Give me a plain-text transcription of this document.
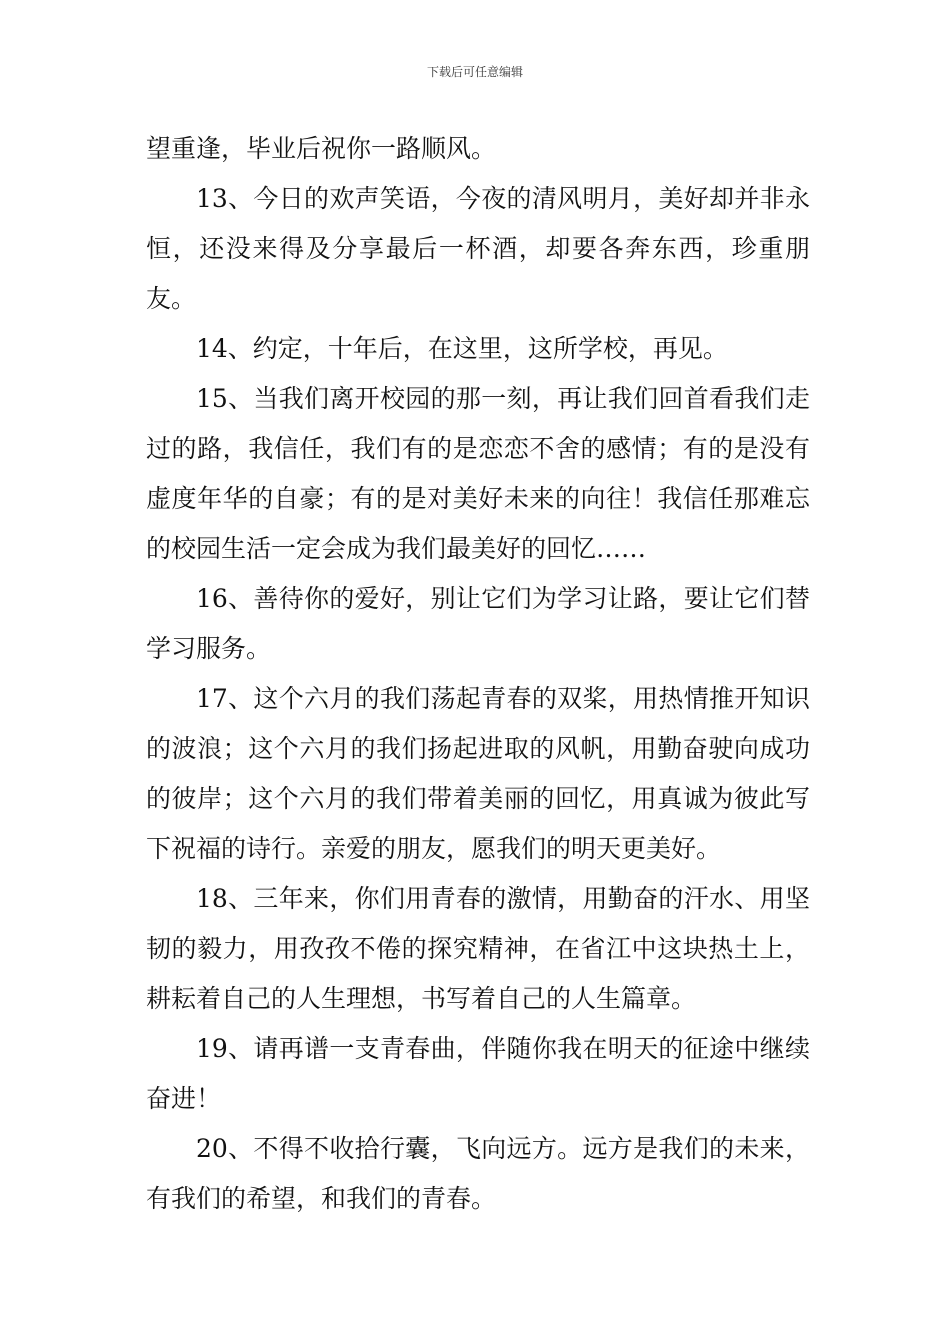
下载后可任意编辑

望重逢，毕业后祝你一路顺风。

13、今日的欢声笑语，今夜的清风明月，美好却并非永恒，还没来得及分享最后一杯酒，却要各奔东西，珍重朋友。

14、约定，十年后，在这里，这所学校，再见。

15、当我们离开校园的那一刻，再让我们回首看我们走过的路，我信任，我们有的是恋恋不舍的感情；有的是没有虚度年华的自豪；有的是对美好未来的向往！我信任那难忘的校园生活一定会成为我们最美好的回忆……

16、善待你的爱好，别让它们为学习让路，要让它们替学习服务。

17、这个六月的我们荡起青春的双桨，用热情推开知识的波浪；这个六月的我们扬起进取的风帆，用勤奋驶向成功的彼岸；这个六月的我们带着美丽的回忆，用真诚为彼此写下祝福的诗行。亲爱的朋友，愿我们的明天更美好。

18、三年来，你们用青春的激情，用勤奋的汗水、用坚韧的毅力，用孜孜不倦的探究精神，在省江中这块热土上，耕耘着自己的人生理想，书写着自己的人生篇章。

19、请再谱一支青春曲，伴随你我在明天的征途中继续奋进！

20、不得不收拾行囊，飞向远方。远方是我们的未来，有我们的希望，和我们的青春。
